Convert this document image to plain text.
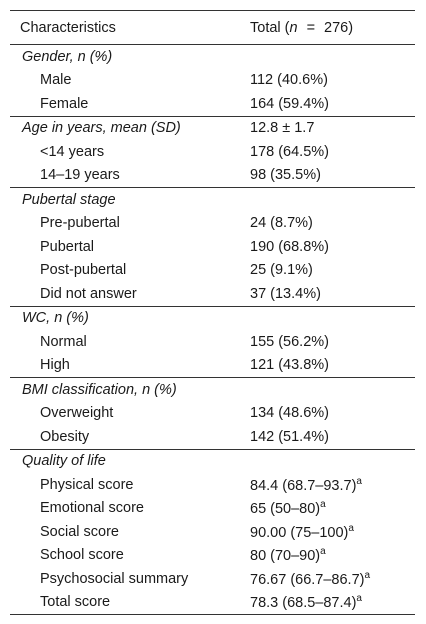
Characteristics	Total (n = 276)
Gender, n (%)	
Male	112 (40.6%)
Female	164 (59.4%)
Age in years, mean (SD)	12.8 ± 1.7
<14 years	178 (64.5%)
14–19 years	98 (35.5%)
Pubertal stage	
Pre-pubertal	24 (8.7%)
Pubertal	190 (68.8%)
Post-pubertal	25 (9.1%)
Did not answer	37 (13.4%)
WC, n (%)	
Normal	155 (56.2%)
High	121 (43.8%)
BMI classification, n (%)	
Overweight	134 (48.6%)
Obesity	142 (51.4%)
Quality of life	
Physical score	84.4 $(68.7-93.7)^a$
Emotional score	65 $(50-80)^a$
Social score	90.00 $(75-100)^a$
School score	80 $(70-90)^a$
Psychosocial summary	76.67 $(66.7-86.7)^a$
Total score	78.3 $(68.5-87.4)^a$
